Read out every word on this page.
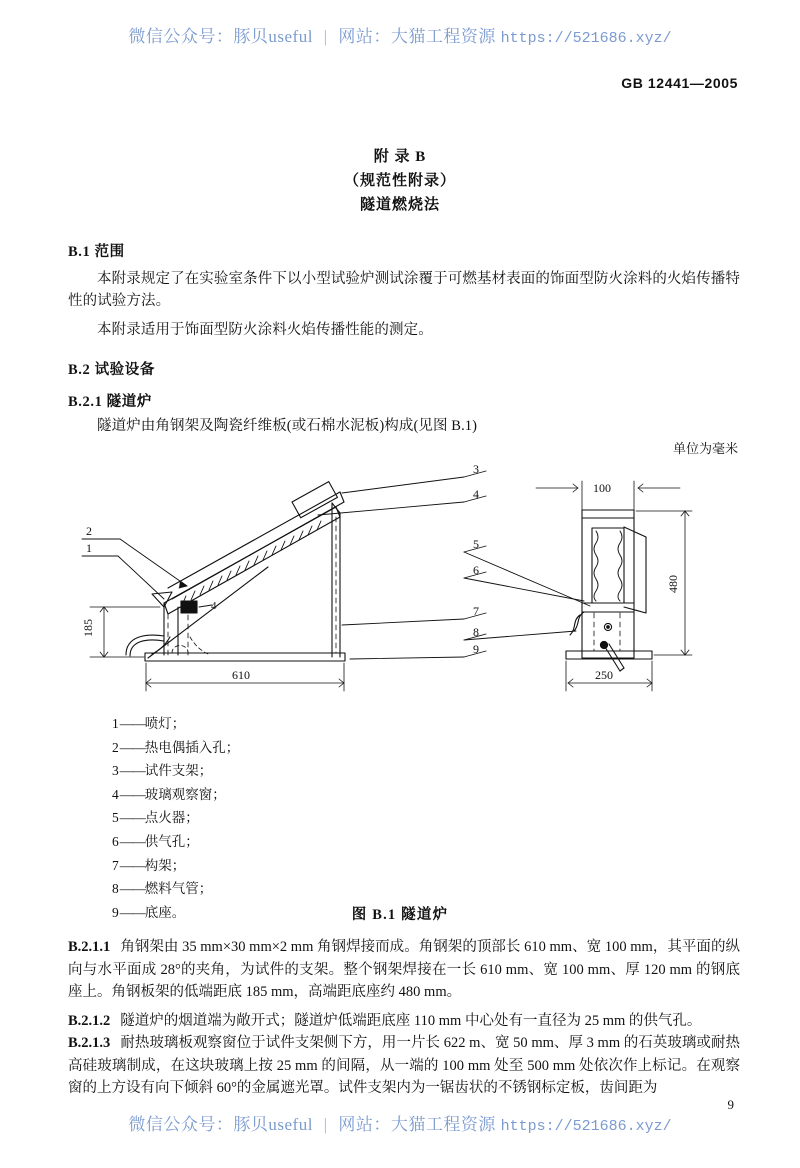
微信公众号：豚贝useful | 网站：大猫工程资源 https://521686.xyz/
GB 12441—2005
附 录 B
（规范性附录）
隧道燃烧法
B.1 范围
本附录规定了在实验室条件下以小型试验炉测试涂覆于可燃基材表面的饰面型防火涂料的火焰传播特性的试验方法。
本附录适用于饰面型防火涂料火焰传播性能的测定。
B.2 试验设备
B.2.1 隧道炉
隧道炉由角钢架及陶瓷纤维板(或石棉水泥板)构成(见图 B.1)
单位为毫米
2
1
4
3
4
5
6
7
8
9
185
610
100
480
250
1——喷灯；
2——热电偶插入孔；
3——试件支架；
4——玻璃观察窗；
5——点火器；
6——供气孔；
7——构架；
8——燃料气管；
9——底座。	图 B.1 隧道炉
B.2.1.1 角钢架由 35 mm×30 mm×2 mm 角钢焊接而成。角钢架的顶部长 610 mm、宽 100 mm，其平面的纵向与水平面成 28°的夹角，为试件的支架。整个钢架焊接在一长 610 mm、宽 100 mm、厚 120 mm 的钢底座上。角钢板架的低端距底 185 mm，高端距底座约 480 mm。
B.2.1.2 隧道炉的烟道端为敞开式；隧道炉低端距底座 110 mm 中心处有一直径为 25 mm 的供气孔。
B.2.1.3 耐热玻璃板观察窗位于试件支架侧下方，用一片长 622 m、宽 50 mm、厚 3 mm 的石英玻璃或耐热高硅玻璃制成，在这块玻璃上按 25 mm 的间隔，从一端的 100 mm 处至 500 mm 处依次作上标记。在观察窗的上方设有向下倾斜 60°的金属遮光罩。试件支架内为一锯齿状的不锈钢标定板，齿间距为
9
微信公众号：豚贝useful | 网站：大猫工程资源 https://521686.xyz/
